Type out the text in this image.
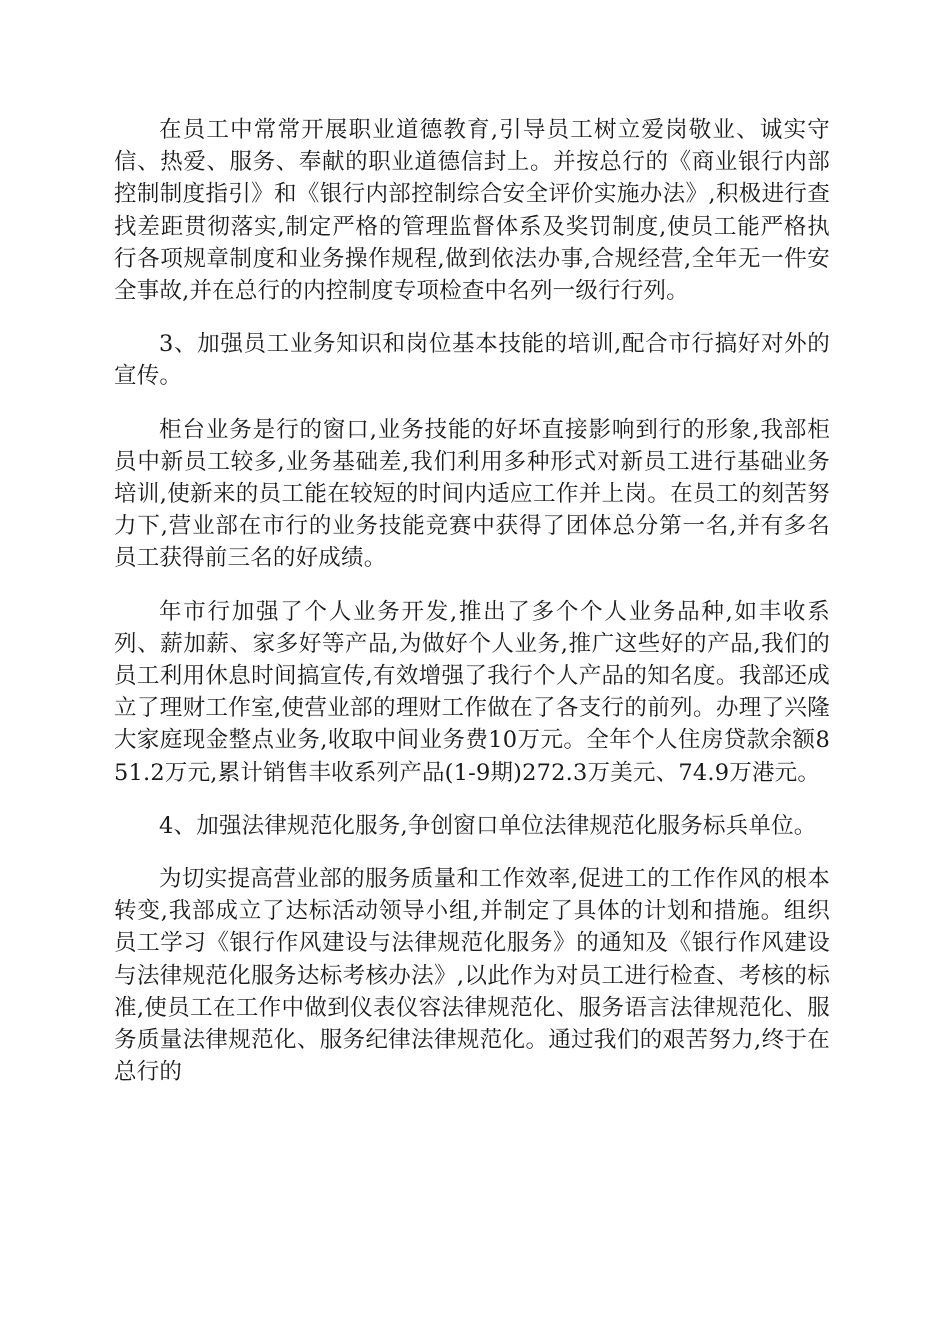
在员工中常常开展职业道德教育,引导员工树立爱岗敬业、诚实守信、热爱、服务、奉献的职业道德信封上。并按总行的《商业银行内部控制制度指引》和《银行内部控制综合安全评价实施办法》,积极进行查找差距贯彻落实,制定严格的管理监督体系及奖罚制度,使员工能严格执行各项规章制度和业务操作规程,做到依法办事,合规经营,全年无一件安全事故,并在总行的内控制度专项检查中名列一级行行列。

3、加强员工业务知识和岗位基本技能的培训,配合市行搞好对外的宣传。

柜台业务是行的窗口,业务技能的好坏直接影响到行的形象,我部柜员中新员工较多,业务基础差,我们利用多种形式对新员工进行基础业务培训,使新来的员工能在较短的时间内适应工作并上岗。在员工的刻苦努力下,营业部在市行的业务技能竞赛中获得了团体总分第一名,并有多名员工获得前三名的好成绩。

年市行加强了个人业务开发,推出了多个个人业务品种,如丰收系列、薪加薪、家多好等产品,为做好个人业务,推广这些好的产品,我们的员工利用休息时间搞宣传,有效增强了我行个人产品的知名度。我部还成立了理财工作室,使营业部的理财工作做在了各支行的前列。办理了兴隆大家庭现金整点业务,收取中间业务费10万元。全年个人住房贷款余额851.2万元,累计销售丰收系列产品(1-9期)272.3万美元、74.9万港元。

4、加强法律规范化服务,争创窗口单位法律规范化服务标兵单位。

为切实提高营业部的服务质量和工作效率,促进工的工作作风的根本转变,我部成立了达标活动领导小组,并制定了具体的计划和措施。组织员工学习《银行作风建设与法律规范化服务》的通知及《银行作风建设与法律规范化服务达标考核办法》,以此作为对员工进行检查、考核的标准,使员工在工作中做到仪表仪容法律规范化、服务语言法律规范化、服务质量法律规范化、服务纪律法律规范化。通过我们的艰苦努力,终于在总行的
